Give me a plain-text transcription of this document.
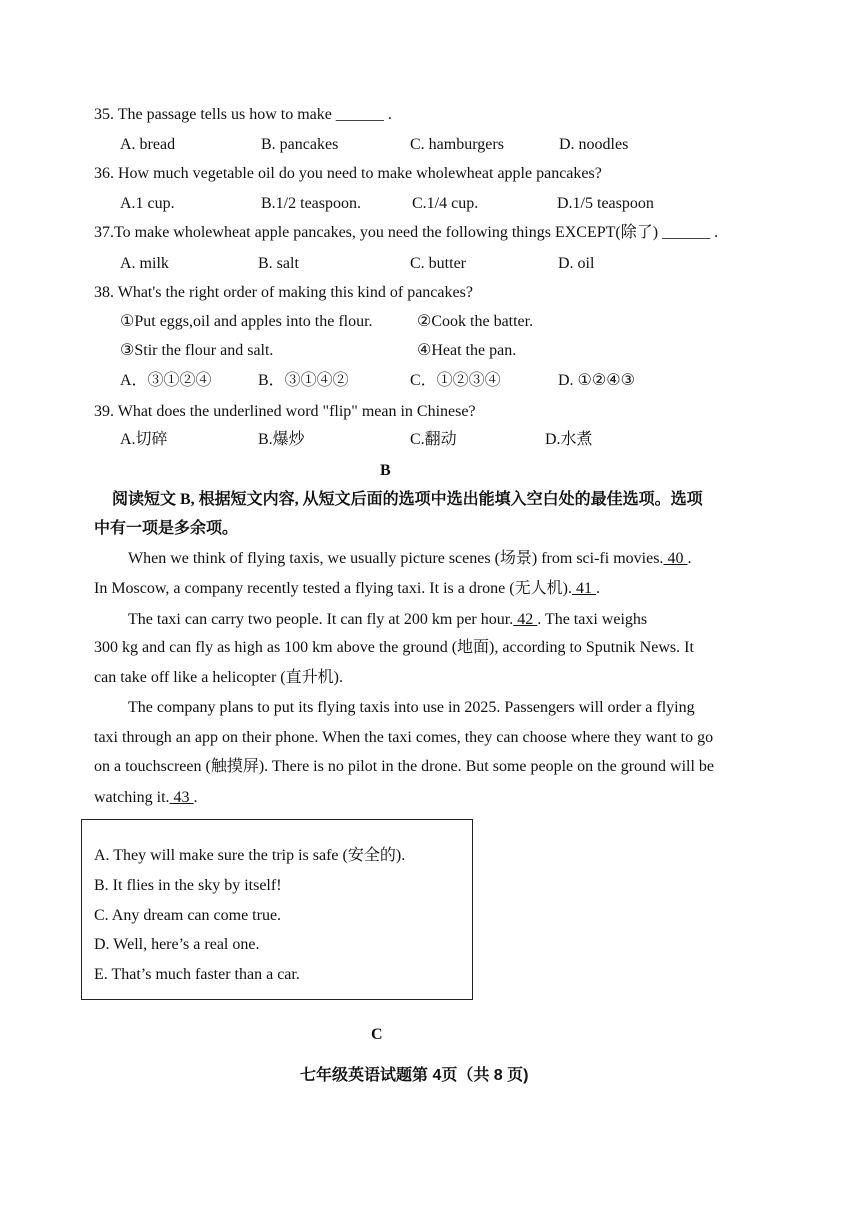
35. The passage tells us how to make ______ .
A. bread	B. pancakes	C. hamburgers	D. noodles
36. How much vegetable oil do you need to make wholewheat apple pancakes?
A.1 cup.	B.1/2 teaspoon.	C.1/4 cup.	D.1/5 teaspoon
37.To make wholewheat apple pancakes, you need the following things EXCEPT(除了) ______ .
A. milk	B. salt	C. butter	D. oil
38. What's the right order of making this kind of pancakes?
①Put eggs,oil and apples into the flour.	②Cook the batter.
③Stir the flour and salt.	④Heat the pan.
A．③①②④	B．③①④②	C．①②③④	D. ①②④③
39. What does the underlined word "flip" mean in Chinese?
A.切碎	B.爆炒	C.翻动	D.水煮
B
阅读短文 B, 根据短文内容, 从短文后面的选项中选出能填入空白处的最佳选项。选项
中有一项是多余项。
When we think of flying taxis, we usually picture scenes (场景) from sci-fi movies. 40 .
In Moscow, a company recently tested a flying taxi. It is a drone (无人机). 41 .
The taxi can carry two people. It can fly at 200 km per hour. 42 . The taxi weighs
300 kg and can fly as high as 100 km above the ground (地面), according to Sputnik News. It
can take off like a helicopter (直升机).
The company plans to put its flying taxis into use in 2025. Passengers will order a flying
taxi through an app on their phone. When the taxi comes, they can choose where they want to go
on a touchscreen (触摸屏). There is no pilot in the drone. But some people on the ground will be
watching it. 43 .
A. They will make sure the trip is safe (安全的).
B. It flies in the sky by itself!
C. Any dream can come true.
D. Well, here’s a real one.
E. That’s much faster than a car.
C
七年级英语试题第 4页（共 8 页)
